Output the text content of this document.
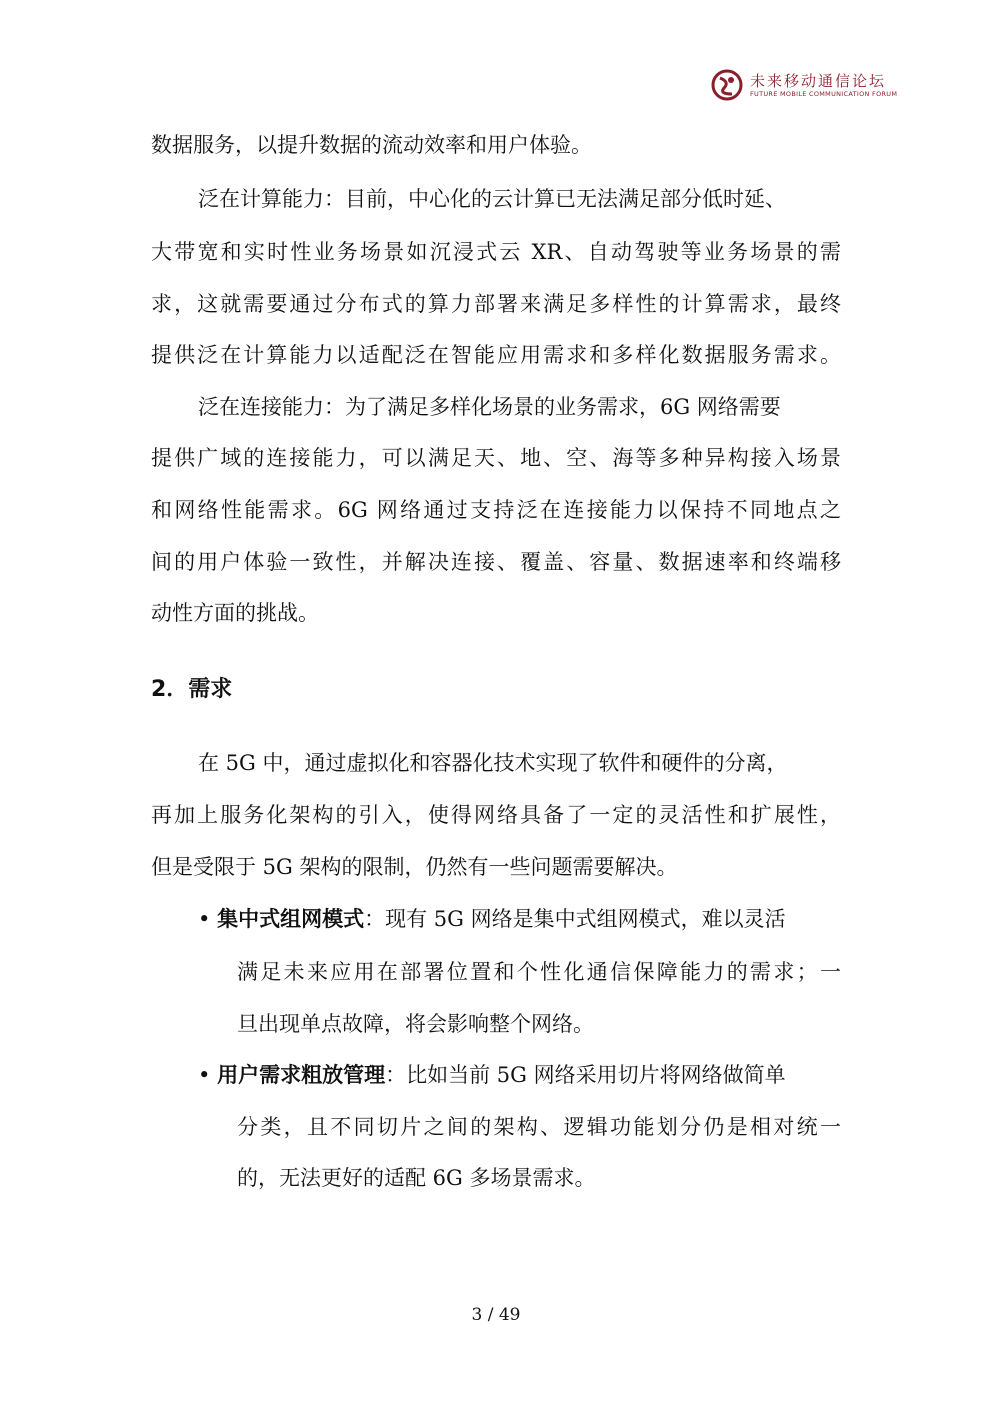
未来移动通信论坛
FUTURE MOBILE COMMUNICATION FORUM
数据服务，以提升数据的流动效率和用户体验。
泛在计算能力：目前，中心化的云计算已无法满足部分低时延、
大带宽和实时性业务场景如沉浸式云 XR、自动驾驶等业务场景的需
求，这就需要通过分布式的算力部署来满足多样性的计算需求，最终
提供泛在计算能力以适配泛在智能应用需求和多样化数据服务需求。
泛在连接能力：为了满足多样化场景的业务需求，6G 网络需要
提供广域的连接能力，可以满足天、地、空、海等多种异构接入场景
和网络性能需求。6G 网络通过支持泛在连接能力以保持不同地点之
间的用户体验一致性，并解决连接、覆盖、容量、数据速率和终端移
动性方面的挑战。
2．需求
在 5G 中，通过虚拟化和容器化技术实现了软件和硬件的分离，
再加上服务化架构的引入，使得网络具备了一定的灵活性和扩展性，
但是受限于 5G 架构的限制，仍然有一些问题需要解决。
• 集中式组网模式：现有 5G 网络是集中式组网模式，难以灵活
满足未来应用在部署位置和个性化通信保障能力的需求；一
旦出现单点故障，将会影响整个网络。
• 用户需求粗放管理：比如当前 5G 网络采用切片将网络做简单
分类，且不同切片之间的架构、逻辑功能划分仍是相对统一
的，无法更好的适配 6G 多场景需求。
3 / 49
